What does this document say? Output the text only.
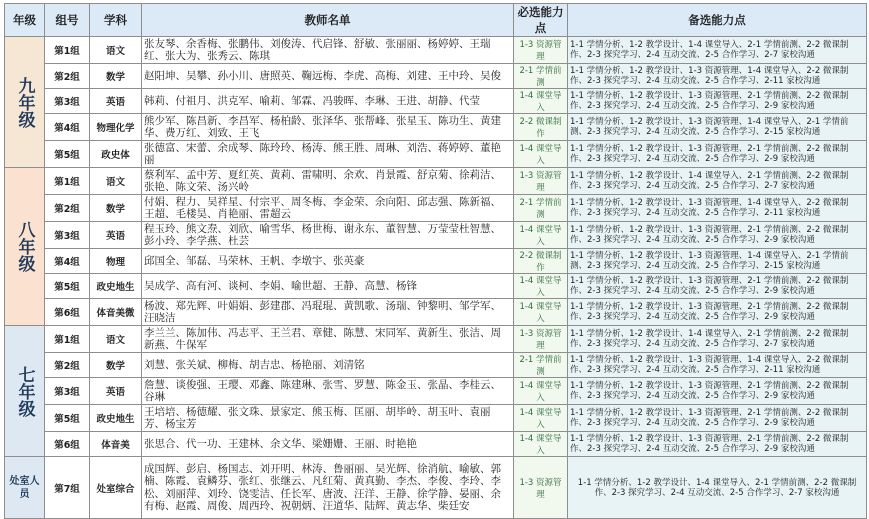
年级	组号	学科	教师名单	必选能力点	备选能力点

九年级	第1组	语文	张友琴、余香梅、张鹏伟、刘俊涛、代启锋、舒敏、张丽丽、杨婷婷、王瑞红、张大为、张秀云、陈琪	1-3 资源管理	1-1 学情分析、1-2 教学设计、1-4 课堂导入、2-1 学情前测、2-2 微课制作、2-3 探究学习、2-4 互动交流、2-5 合作学习、2-7 家校沟通
	第2组	数学	赵阳坤、吴攀、孙小川、唐照英、鞠远梅、李虎、高梅、刘建、王中玲、吴俊	2-1 学情前测	1-1 学情分析、1-2 教学设计、1-3 资源管理、1-4 课堂导入、2-2 微课制作、2-3 探究学习、2-4 互动交流、2-5 合作学习、2-11 家校沟通
	第3组	英语	韩莉、付祖月、洪克军、喻莉、邹霖、冯骏晖、李琳、王进、胡静、代莹	1-4 课堂导入	1-1 学情分析、1-2 教学设计、1-3 资源管理、2-1 学情前测、2-2 微课制作、2-3 探究学习、2-4 互动交流、2-5 合作学习、2-9 家校沟通
	第4组	物理化学	熊少军、陈昌新、李昌军、杨柏龄、张泽华、张帮峰、张星玉、陈功生、黄建华、费万红、刘致、王飞	2-2 微课制作	1-1 学情分析、1-2 教学设计、1-3 资源管理、1-4 课堂导入、2-1 学情前测、2-3 探究学习、2-4 互动交流、2-5 合作学习、2-15 家校沟通
	第5组	政史体	张德富、宋蕾、余成琴、陈玲玲、杨涛、熊王胜、周琳、刘浩、蒋婷婷、董艳丽	1-4 课堂导入	1-1 学情分析、1-2 教学设计、1-3 资源管理、2-1 学情前测、2-2 微课制作、2-3 探究学习、2-4 互动交流、2-5 合作学习、2-9 家校沟通

八年级	第1组	语文	蔡利军、孟中芳、夏红英、黄莉、雷啸明、余欢、肖景霞、舒京菊、徐莉洁、张艳、陈文荣、汤兴岭	1-3 资源管理	1-1 学情分析、1-2 教学设计、1-4 课堂导入、2-1 学情前测、2-2 微课制作、2-3 探究学习、2-4 互动交流、2-5 合作学习、2-7 家校沟通
	第2组	数学	付娟、程力、吴祥星、付宗平、周冬梅、李金荣、余向阳、邱志强、陈新福、王超、毛楼昊、肖艳丽、雷超云	2-1 学情前测	1-1 学情分析、1-2 教学设计、1-3 资源管理、1-4 课堂导入、2-2 微课制作、2-3 探究学习、2-4 互动交流、2-5 合作学习、2-11 家校沟通
	第3组	英语	程玉玲、熊文焘、刘欣、喻雪华、杨世梅、谢永东、董智慧、万莹莹杜智慧、彭小玲、李学燕、杜芸	1-4 课堂导入	1-1 学情分析、1-2 教学设计、1-3 资源管理、2-1 学情前测、2-2 微课制作、2-3 探究学习、2-4 互动交流、2-5 合作学习、2-9 家校沟通
	第4组	物理	邱国全、邹磊、马荣林、王帆、李墩宇、张英豪	2-2 微课制作	1-1 学情分析、1-2 教学设计、1-3 资源管理、1-4 课堂导入、2-1 学情前测、2-3 探究学习、2-4 互动交流、2-5 合作学习、2-15 家校沟通
	第5组	政史地生	吴成学、高有河、谈柯、李娟、喻世超、王静、高慧、杨锋	1-4 课堂导入	1-1 学情分析、1-2 教学设计、1-3 资源管理、2-1 学情前测、2-2 微课制作、2-3 探究学习、2-4 互动交流、2-5 合作学习、2-9 家校沟通
	第6组	体音美微	杨波、郑先辉、叶娟娟、彭建郡、冯琨琨、黄凯歌、汤瑞、钟黎明、邹学军、汪晓洁	1-4 课堂导入	1-1 学情分析、1-2 教学设计、1-3 资源管理、2-1 学情前测、2-2 微课制作、2-3 探究学习、2-4 互动交流、2-5 合作学习、2-9 家校沟通

七年级	第1组	语文	李兰兰、陈加伟、冯志平、王兰君、章健、陈慧、宋同军、黄新生、张洁、周新燕、牛保军	1-3 资源管理	1-1 学情分析、1-2 教学设计、1-4 课堂导入、2-1 学情前测、2-2 微课制作、2-3 探究学习、2-4 互动交流、2-5 合作学习、2-7 家校沟通
	第2组	数学	刘慧、张关斌、柳梅、胡吉忠、杨艳丽、刘清铭	2-1 学情前测	1-1 学情分析、1-2 教学设计、1-3 资源管理、1-4 课堂导入、2-2 微课制作、2-3 探究学习、2-4 互动交流、2-5 合作学习、2-11 家校沟通
	第3组	英语	詹慧、谈俊强、王璎、邓鑫、陈建琳、张雪、罗慧、陈金玉、张晶、李桂云、谷琳	1-4 课堂导入	1-1 学情分析、1-2 教学设计、1-3 资源管理、2-1 学情前测、2-2 微课制作、2-3 探究学习、2-4 互动交流、2-5 合作学习、2-9 家校沟通
	第5组	政史地生	王培培、杨德耀、张文珠、景家定、熊玉梅、匡丽、胡毕岭、胡玉叶、袁丽芳、杨宝芳	1-4 课堂导入	1-1 学情分析、1-2 教学设计、1-3 资源管理、2-1 学情前测、2-2 微课制作、2-3 探究学习、2-4 互动交流、2-5 合作学习、2-9 家校沟通
	第6组	体音美	张思合、代一功、王建林、余文华、梁姗姗、王丽、时艳艳	1-4 课堂导入	1-1 学情分析、1-2 教学设计、1-3 资源管理、2-1 学情前测、2-2 微课制作、2-3 探究学习、2-4 互动交流、2-5 合作学习、2-9 家校沟通

处室人员	第7组	处室综合	成国辉、彭启、杨国志、刘开明、林涛、鲁丽丽、吴光辉、徐消航、喻敏、郭楠、陈霞、袁鳞芬、张红、张继云、凡红菊、黄真勤、李杰、李俊、李玲、李松、刘丽萍、刘玲、饶雯洁、任长军、唐波、汪洋、王静、徐学静、晏丽、余有梅、赵霞、周俊、周西玲、祝朝炳、汪道华、陆辉、黄志华、柴廷安	1-3 资源管理	1-1 学情分析、1-2 教学设计、1-4 课堂导入、2-1 学情前测、2-2 微课制作、2-3 探究学习、2-4 互动交流、2-5 合作学习、2-7 家校沟通
